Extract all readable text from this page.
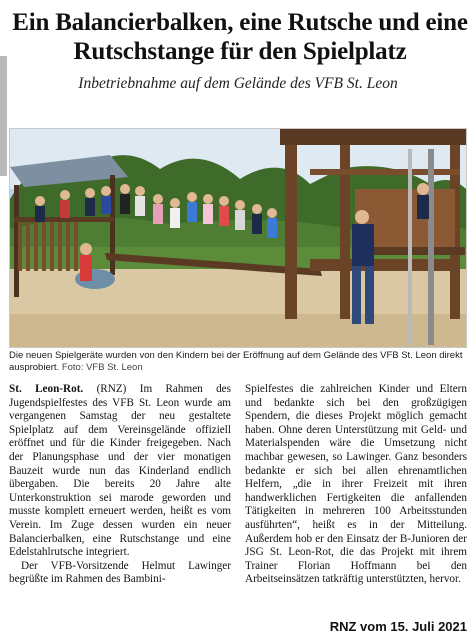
Ein Balancierbalken, eine Rutsche und eine Rutschstange für den Spielplatz
Inbetriebnahme auf dem Gelände des VFB St. Leon
Die neuen Spielgeräte wurden von den Kindern bei der Eröffnung auf dem Gelände des VFB St. Leon direkt ausprobiert. Foto: VFB St. Leon

St. Leon-Rot. (RNZ) Im Rahmen des Jugendspielfestes des VFB St. Leon wurde am vergangenen Samstag der neu gestaltete Spielplatz auf dem Vereinsgelände offiziell eröffnet und für die Kinder freigegeben. Nach der Planungsphase und der vier monatigen Bauzeit wurde nun das Kinderland endlich übergaben. Die bereits 20 Jahre alte Unterkonstruktion sei marode geworden und musste komplett erneuert werden, heißt es vom Verein. Im Zuge dessen wurden ein neuer Balancierbalken, eine Rutschstange und eine Edelstahlrutsche integriert.

Der VFB-Vorsitzende Helmut Lawinger begrüßte im Rahmen des Bambini-

Spielfestes die zahlreichen Kinder und Eltern und bedankte sich bei den großzügigen Spendern, die dieses Projekt möglich gemacht haben. Ohne deren Unterstützung mit Geld- und Materialspenden wäre die Umsetzung nicht machbar gewesen, so Lawinger. Ganz besonders bedankte er sich bei allen ehrenamtlichen Helfern, „die in ihrer Freizeit mit ihren handwerklichen Fertigkeiten die anfallenden Tätigkeiten in mehreren 100 Arbeitsstunden ausführten“, heißt es in der Mitteilung. Außerdem hob er den Einsatz der B-Junioren der JSG St. Leon-Rot, die das Projekt mit ihrem Trainer Florian Hoffmann bei den Arbeitseinsätzen tatkräftig unterstützten, hervor.

RNZ vom 15. Juli 2021
